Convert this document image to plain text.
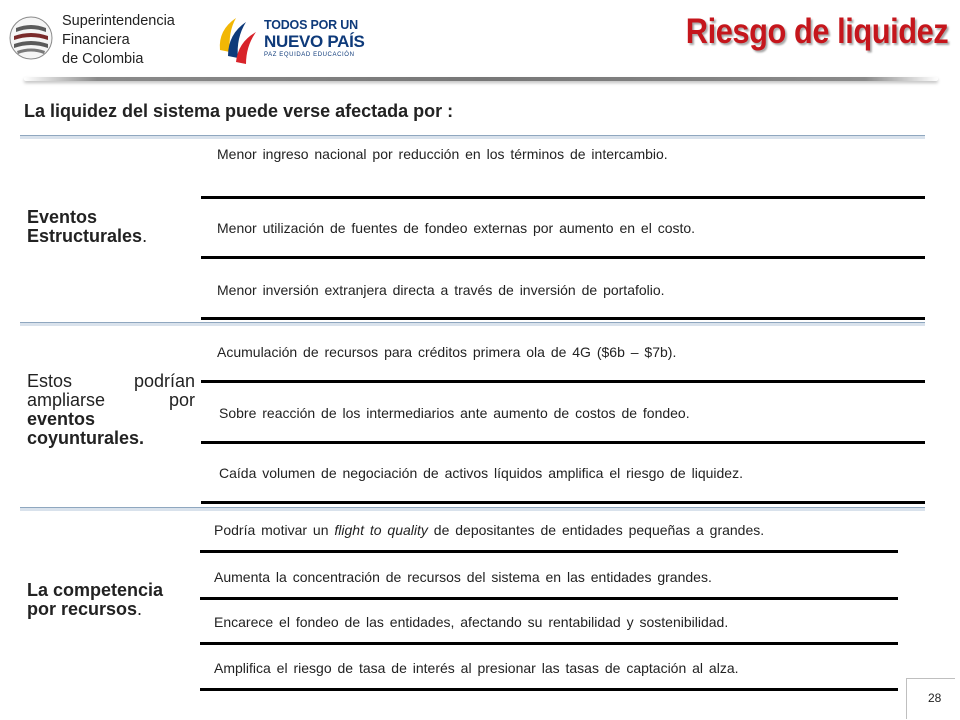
Superintendencia
Financiera
de Colombia
TODOS POR UN
NUEVO PAÍS
PAZ EQUIDAD EDUCACIÓN
Riesgo de liquidez
La liquidez del sistema puede verse afectada por :
Eventos
Estructurales.
Menor ingreso nacional por reducción en los términos de intercambio.
Menor utilización de fuentes de fondeo externas por aumento en el costo.
Menor inversión extranjera directa a través de inversión de portafolio.
Estos podrían
ampliarse por
eventos
coyunturales.
Acumulación de recursos para créditos primera ola de 4G ($6b – $7b).
Sobre reacción de los intermediarios ante aumento de costos de fondeo.
Caída volumen de negociación de activos líquidos amplifica el riesgo de liquidez.
La competencia
por recursos.
Podría motivar un flight to quality de depositantes de entidades pequeñas a grandes.
Aumenta la concentración de recursos del sistema en las entidades grandes.
Encarece el fondeo de las entidades, afectando su rentabilidad y sostenibilidad.
Amplifica el riesgo de tasa de interés al presionar las tasas de captación al alza.
28
